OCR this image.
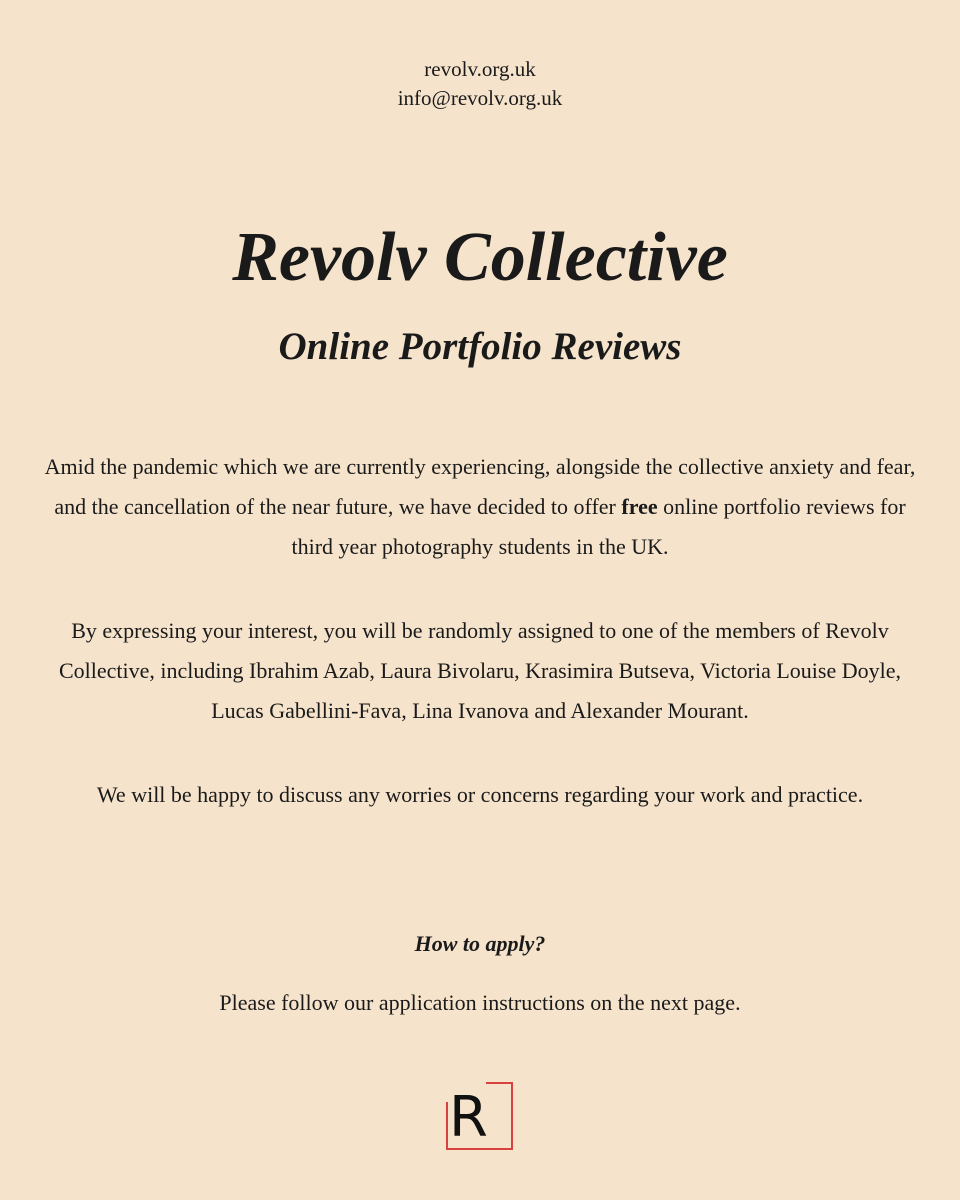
revolv.org.uk
info@revolv.org.uk
Revolv Collective
Online Portfolio Reviews

Amid the pandemic which we are currently experiencing, alongside the collective anxiety and fear, and the cancellation of the near future, we have decided to offer free online portfolio reviews for third year photography students in the UK.

By expressing your interest, you will be randomly assigned to one of the members of Revolv Collective, including Ibrahim Azab, Laura Bivolaru, Krasimira Butseva, Victoria Louise Doyle, Lucas Gabellini-Fava, Lina Ivanova and Alexander Mourant.

We will be happy to discuss any worries or concerns regarding your work and practice.

How to apply?

Please follow our application instructions on the next page.

R
